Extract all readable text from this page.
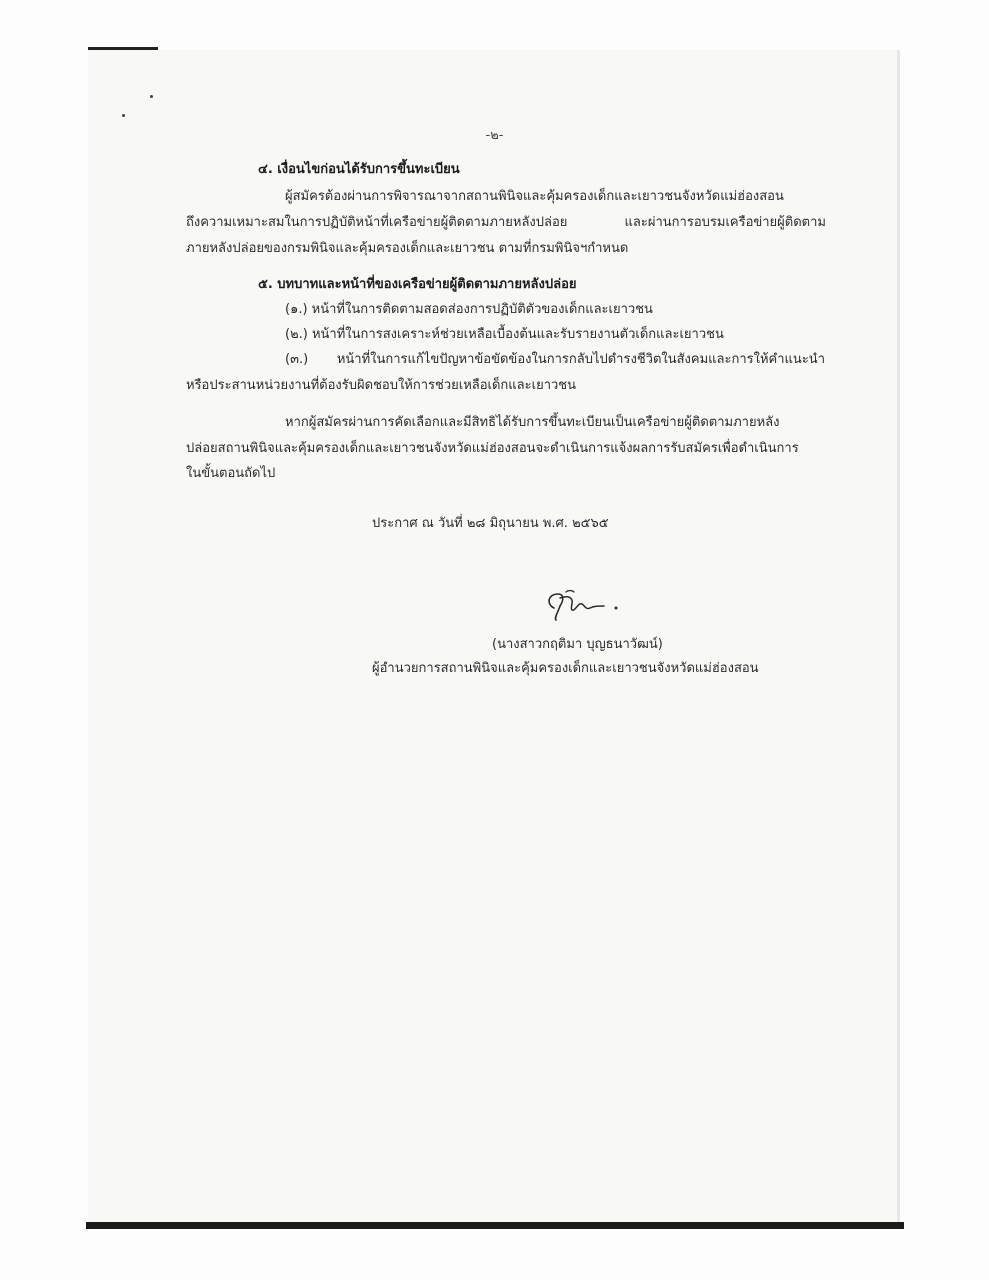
-๒-
๔. เงื่อนไขก่อนได้รับการขึ้นทะเบียน
ผู้สมัครต้องผ่านการพิจารณาจากสถานพินิจและคุ้มครองเด็กและเยาวชนจังหวัดแม่ฮ่องสอน
ถึงความเหมาะสมในการปฏิบัติหน้าที่เครือข่ายผู้ติดตามภายหลังปล่อย และผ่านการอบรมเครือข่ายผู้ติดตาม
ภายหลังปล่อยของกรมพินิจและคุ้มครองเด็กและเยาวชน ตามที่กรมพินิจฯกำหนด
๕. บทบาทและหน้าที่ของเครือข่ายผู้ติดตามภายหลังปล่อย
(๑.) หน้าที่ในการติดตามสอดส่องการปฏิบัติตัวของเด็กและเยาวชน
(๒.) หน้าที่ในการสงเคราะห์ช่วยเหลือเบื้องต้นและรับรายงานตัวเด็กและเยาวชน
(๓.) หน้าที่ในการแก้ไขปัญหาข้อขัดข้องในการกลับไปดำรงชีวิตในสังคมและการให้คำแนะนำ
หรือประสานหน่วยงานที่ต้องรับผิดชอบให้การช่วยเหลือเด็กและเยาวชน
หากผู้สมัครผ่านการคัดเลือกและมีสิทธิได้รับการขึ้นทะเบียนเป็นเครือข่ายผู้ติดตามภายหลัง
ปล่อยสถานพินิจและคุ้มครองเด็กและเยาวชนจังหวัดแม่ฮ่องสอนจะดำเนินการแจ้งผลการรับสมัครเพื่อดำเนินการ
ในขั้นตอนถัดไป
ประกาศ ณ วันที่ ๒๘ มิถุนายน พ.ศ. ๒๕๖๕
(นางสาวกฤติมา บุญธนาวัฒน์)
ผู้อำนวยการสถานพินิจและคุ้มครองเด็กและเยาวชนจังหวัดแม่ฮ่องสอน
